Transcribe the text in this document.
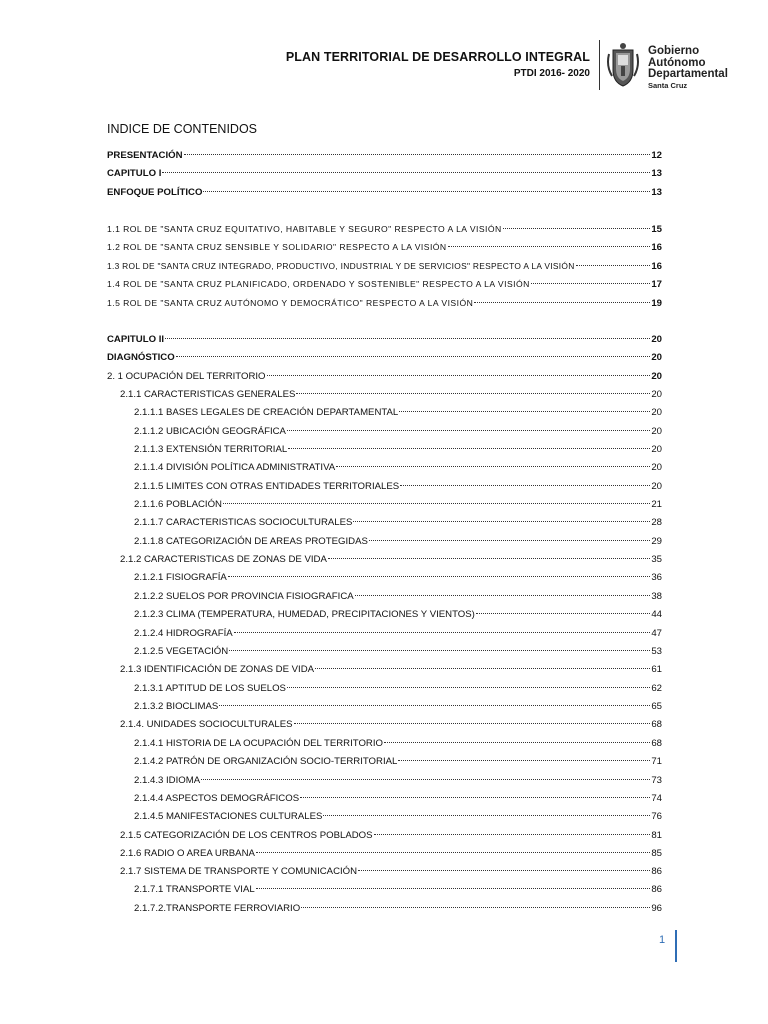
PLAN TERRITORIAL DE DESARROLLO INTEGRAL
PTDI 2016- 2020
Gobierno
Autónomo
Departamental
Santa Cruz
INDICE DE CONTENIDOS
PRESENTACIÓN	12
CAPITULO I	13
ENFOQUE POLÍTICO	13
1.1 ROL DE "SANTA CRUZ EQUITATIVO, HABITABLE Y SEGURO" RESPECTO A LA VISIÓN	15
1.2 ROL DE "SANTA CRUZ SENSIBLE Y SOLIDARIO" RESPECTO A LA VISIÓN	16
1.3 ROL DE "SANTA CRUZ INTEGRADO, PRODUCTIVO, INDUSTRIAL Y DE SERVICIOS" RESPECTO A LA VISIÓN	16
1.4 ROL DE "SANTA CRUZ PLANIFICADO, ORDENADO Y SOSTENIBLE" RESPECTO A LA VISIÓN	17
1.5 ROL DE "SANTA CRUZ AUTÓNOMO Y DEMOCRÁTICO" RESPECTO A LA VISIÓN	19
CAPITULO II	20
DIAGNÓSTICO	20
2. 1 OCUPACIÓN DEL TERRITORIO	20
2.1.1 CARACTERISTICAS GENERALES	20
2.1.1.1 BASES LEGALES DE CREACIÓN DEPARTAMENTAL	20
2.1.1.2 UBICACIÓN GEOGRÁFICA	20
2.1.1.3 EXTENSIÓN TERRITORIAL	20
2.1.1.4 DIVISIÓN POLÍTICA ADMINISTRATIVA	20
2.1.1.5 LIMITES CON OTRAS ENTIDADES TERRITORIALES	20
2.1.1.6 POBLACIÓN	21
2.1.1.7 CARACTERISTICAS SOCIOCULTURALES	28
2.1.1.8 CATEGORIZACIÓN DE AREAS PROTEGIDAS	29
2.1.2 CARACTERISTICAS DE ZONAS DE VIDA	35
2.1.2.1 FISIOGRAFÍA	36
2.1.2.2 SUELOS POR PROVINCIA FISIOGRAFICA	38
2.1.2.3 CLIMA (TEMPERATURA, HUMEDAD, PRECIPITACIONES Y VIENTOS)	44
2.1.2.4 HIDROGRAFÍA	47
2.1.2.5 VEGETACIÓN	53
2.1.3 IDENTIFICACIÓN DE ZONAS DE VIDA	61
2.1.3.1 APTITUD DE LOS SUELOS	62
2.1.3.2 BIOCLIMAS	65
2.1.4. UNIDADES SOCIOCULTURALES	68
2.1.4.1 HISTORIA DE LA OCUPACIÓN DEL TERRITORIO	68
2.1.4.2 PATRÓN DE ORGANIZACIÓN SOCIO-TERRITORIAL	71
2.1.4.3 IDIOMA	73
2.1.4.4 ASPECTOS DEMOGRÁFICOS	74
2.1.4.5 MANIFESTACIONES CULTURALES	76
2.1.5 CATEGORIZACIÓN DE LOS CENTROS POBLADOS	81
2.1.6 RADIO O AREA URBANA	85
2.1.7 SISTEMA DE TRANSPORTE Y COMUNICACIÓN	86
2.1.7.1 TRANSPORTE VIAL	86
2.1.7.2.TRANSPORTE FERROVIARIO	96
1
